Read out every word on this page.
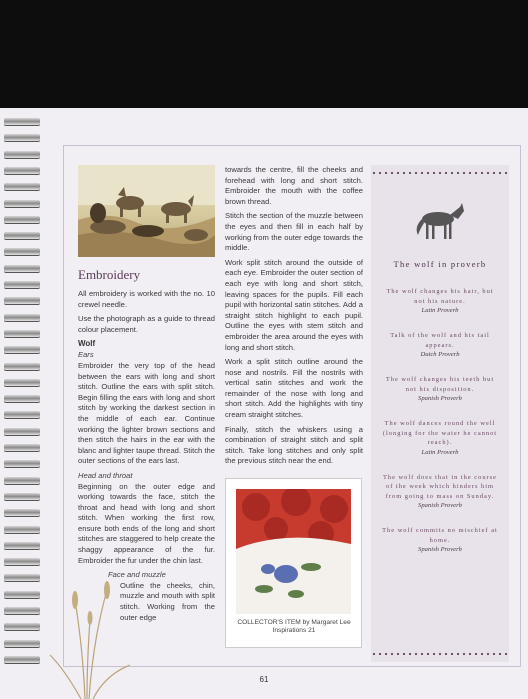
Embroidery

All embroidery is worked with the no. 10 crewel needle.

Use the photograph as a guide to thread colour placement.

Wolf

Ears

Embroider the very top of the head between the ears with long and short stitch. Outline the ears with split stitch. Begin filling the ears with long and short stitch by working the darkest section in the middle of each ear. Continue working the lighter brown sections and then stitch the hairs in the ear with the blanc and lighter taupe thread. Stitch the outer sections of the ears last.

Head and throat

Beginning on the outer edge and working towards the face, stitch the throat and head with long and short stitch. When working the first row, ensure both ends of the long and short stitches are staggered to help create the shaggy appearance of the fur. Embroider the fur under the chin last.

Face and muzzle

Outline the cheeks, chin, muzzle and mouth with split stitch. Working from the outer edge

towards the centre, fill the cheeks and forehead with long and short stitch. Embroider the mouth with the coffee brown thread.

Stitch the section of the muzzle between the eyes and then fill in each half by working from the outer edge towards the middle.

Work split stitch around the outside of each eye. Embroider the outer section of each eye with long and short stitch, leaving spaces for the pupils. Fill each pupil with horizontal satin stitches. Add a straight stitch highlight to each pupil. Outline the eyes with stem stitch and embroider the area around the eyes with long and short stitch.

Work a split stitch outline around the nose and nostrils. Fill the nostrils with vertical satin stitches and work the remainder of the nose with long and short stitch. Add the highlights with tiny cream straight stitches.

Finally, stitch the whiskers using a combination of straight stitch and split stitch. Take long stitches and only split the previous stitch near the end.

COLLECTOR'S ITEM by Margaret Lee Inspirations 21
The wolf in proverb

The wolf changes his hair, but not his nature.

Latin Proverb

Talk of the wolf and his tail appears.

Dutch Proverb

The wolf changes his teeth but not his disposition.

Spanish Proverb

The wolf dances round the well (longing for the water he cannot reach).

Latin Proverb

The wolf does that in the course of the week which hinders him from going to mass on Sunday.

Spanish Proverb

The wolf commits no mischief at home.

Spanish Proverb

61
